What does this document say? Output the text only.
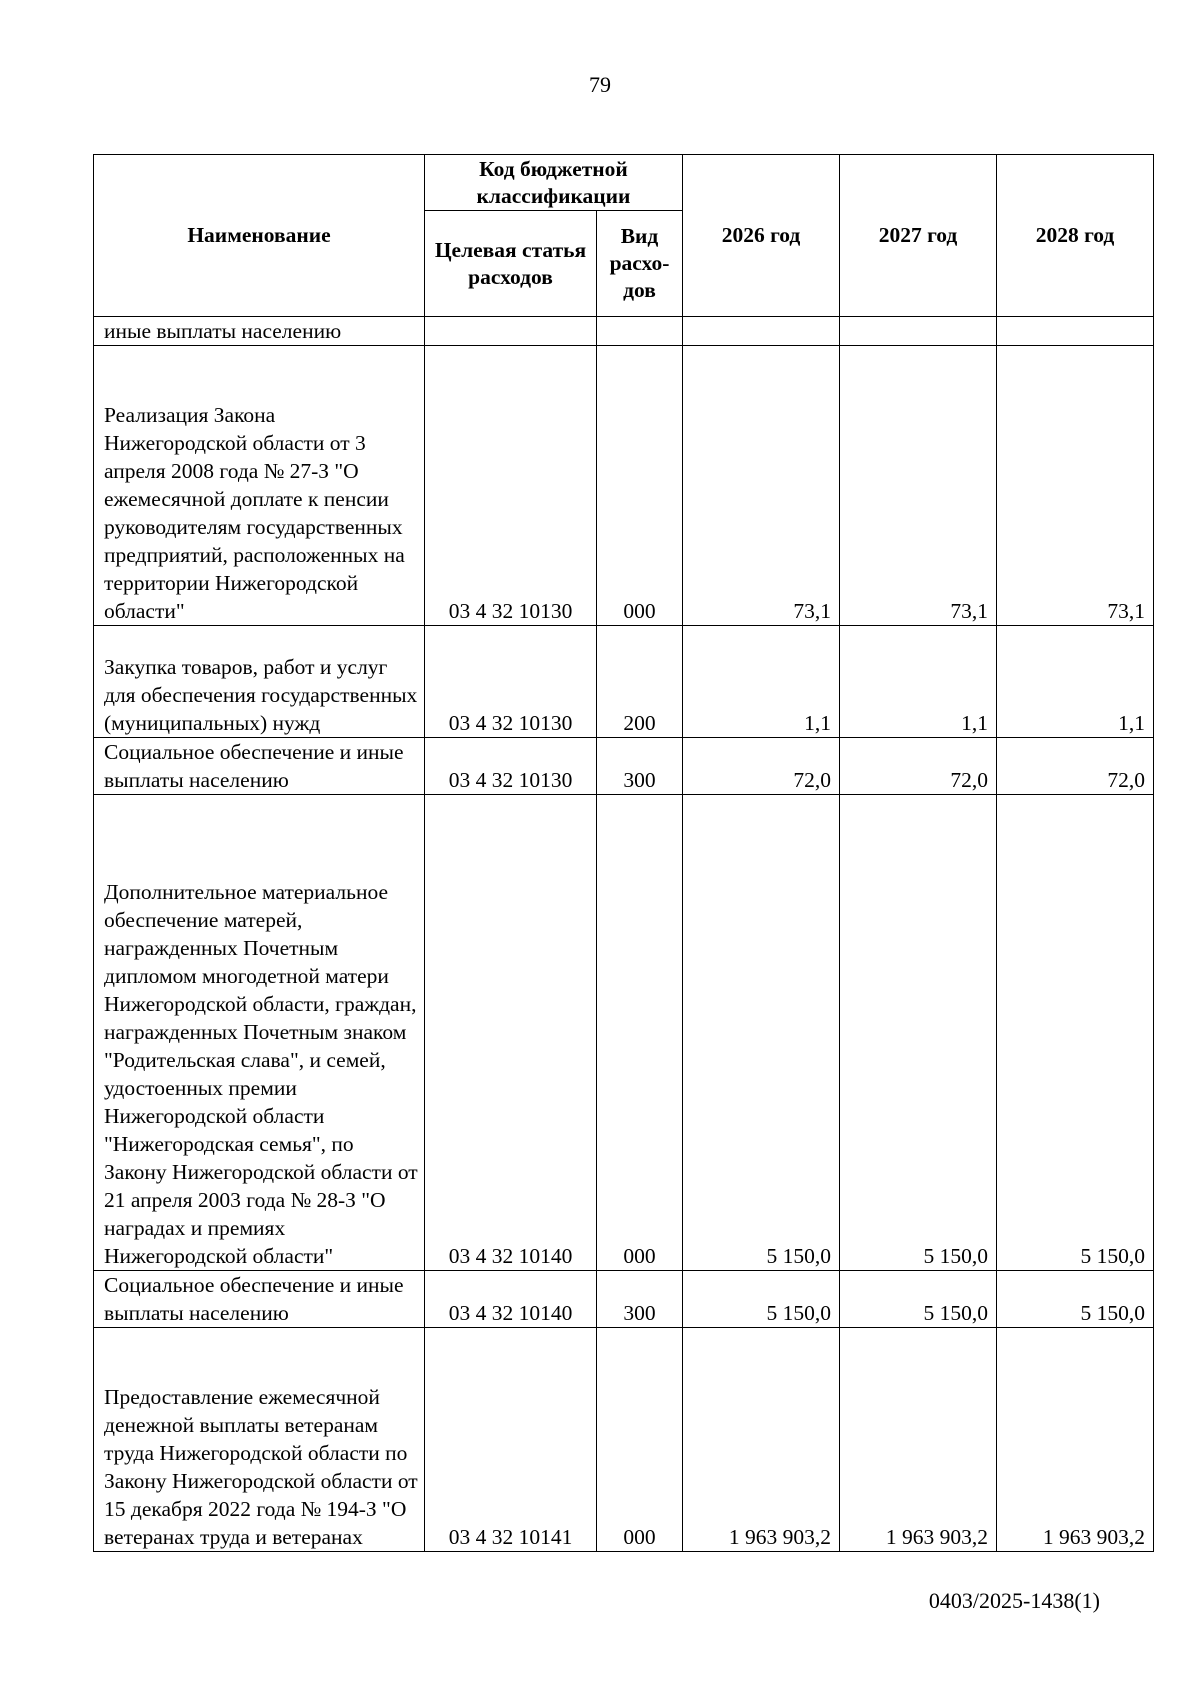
79
Наименование	Код бюджетной классификации		2026 год	2027 год	2028 год
	Целевая статья расходов	Вид расхо-дов			
иные выплаты населению					
Реализация Закона Нижегородской области от 3 апреля 2008 года № 27-З "О ежемесячной доплате к пенсии руководителям государственных предприятий, расположенных на территории Нижегородской области"	03 4 32 10130	000	73,1	73,1	73,1
Закупка товаров, работ и услуг для обеспечения государственных (муниципальных) нужд	03 4 32 10130	200	1,1	1,1	1,1
Социальное обеспечение и иные выплаты населению	03 4 32 10130	300	72,0	72,0	72,0
Дополнительное материальное обеспечение матерей, награжденных Почетным дипломом многодетной матери Нижегородской области, граждан, награжденных Почетным знаком "Родительская слава", и семей, удостоенных премии Нижегородской области "Нижегородская семья", по Закону Нижегородской области от 21 апреля 2003 года № 28-З "О наградах и премиях Нижегородской области"	03 4 32 10140	000	5 150,0	5 150,0	5 150,0
Социальное обеспечение и иные выплаты населению	03 4 32 10140	300	5 150,0	5 150,0	5 150,0
Предоставление ежемесячной денежной выплаты ветеранам труда Нижегородской области по Закону Нижегородской области от 15 декабря 2022 года № 194-З "О ветеранах труда и ветеранах	03 4 32 10141	000	1 963 903,2	1 963 903,2	1 963 903,2
0403/2025-1438(1)
